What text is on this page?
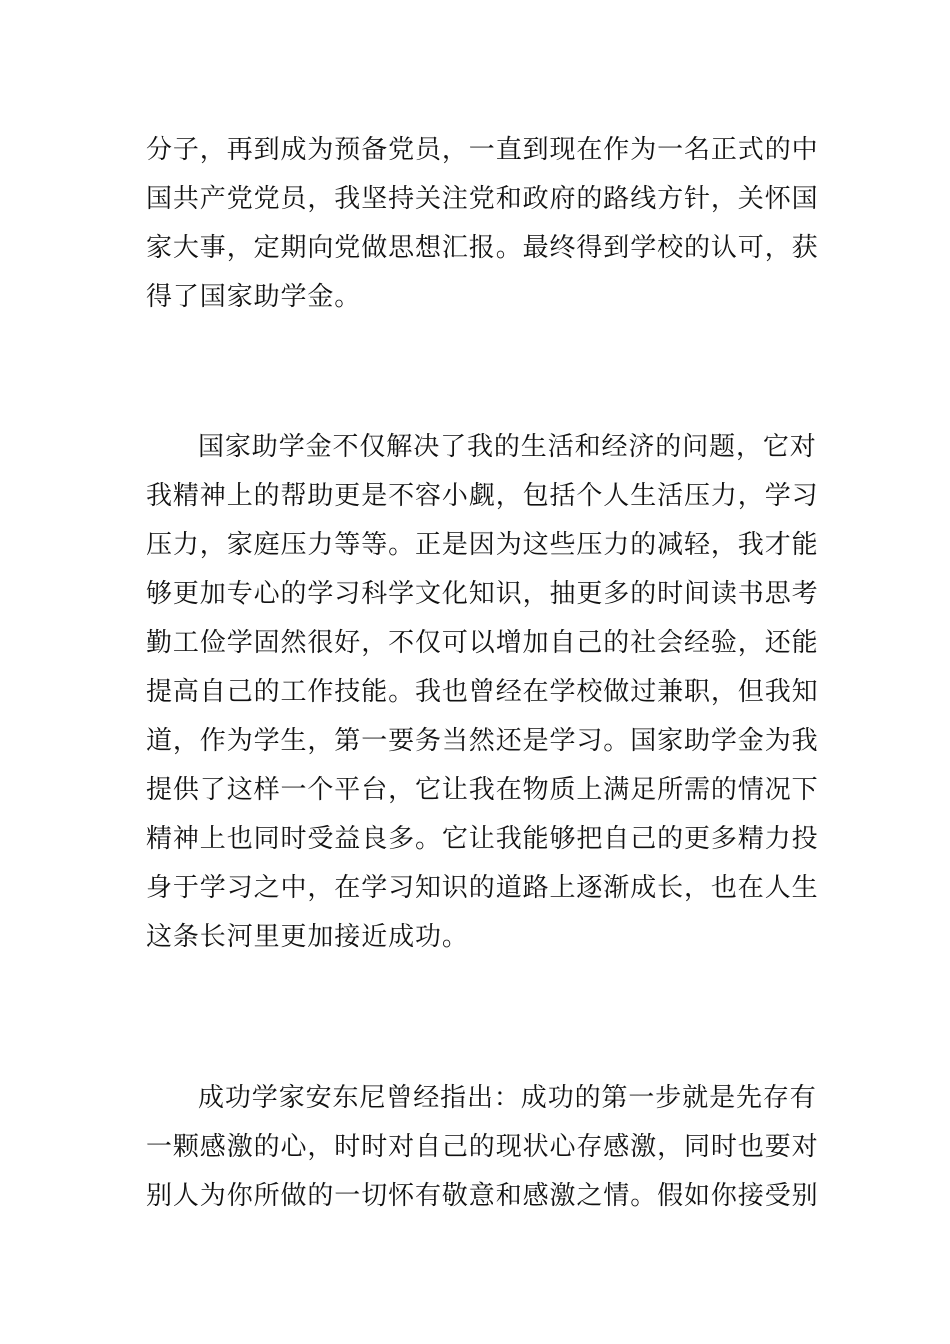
分子，再到成为预备党员，一直到现在作为一名正式的中
国共产党党员，我坚持关注党和政府的路线方针，关怀国
家大事，定期向党做思想汇报。最终得到学校的认可，获
得了国家助学金。
国家助学金不仅解决了我的生活和经济的问题，它对
我精神上的帮助更是不容小觑，包括个人生活压力，学习
压力，家庭压力等等。正是因为这些压力的减轻，我才能
够更加专心的学习科学文化知识，抽更多的时间读书思考
勤工俭学固然很好，不仅可以增加自己的社会经验，还能
提高自己的工作技能。我也曾经在学校做过兼职，但我知
道，作为学生，第一要务当然还是学习。国家助学金为我
提供了这样一个平台，它让我在物质上满足所需的情况下
精神上也同时受益良多。它让我能够把自己的更多精力投
身于学习之中，在学习知识的道路上逐渐成长，也在人生
这条长河里更加接近成功。
成功学家安东尼曾经指出：成功的第一步就是先存有
一颗感激的心，时时对自己的现状心存感激，同时也要对
别人为你所做的一切怀有敬意和感激之情。假如你接受别
